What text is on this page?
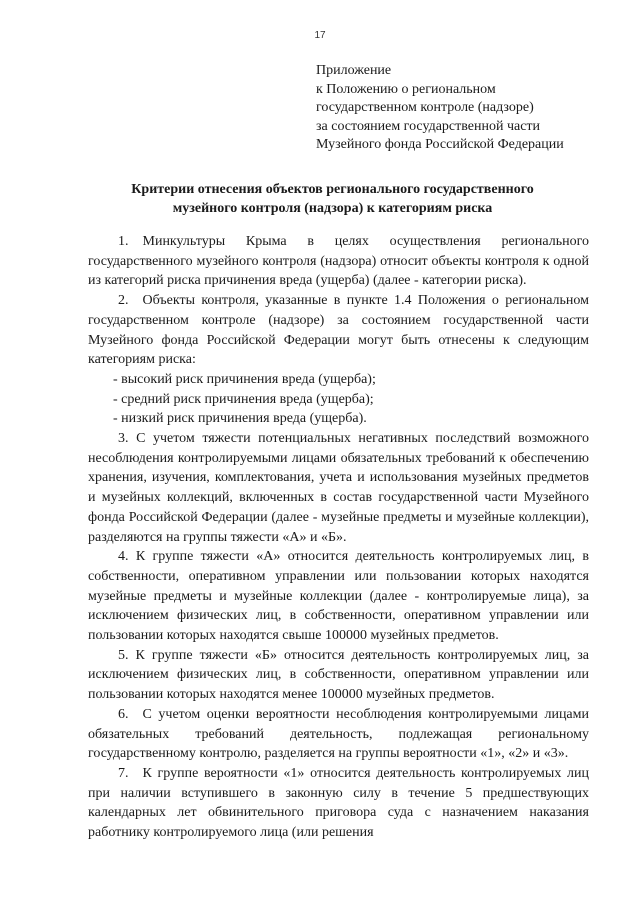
17
Приложение
к Положению о региональном
государственном контроле (надзоре)
за состоянием государственной части
Музейного фонда Российской Федерации
Критерии отнесения объектов регионального государственного
музейного контроля (надзора) к категориям риска

1. Минкультуры Крыма в целях осуществления регионального государственного музейного контроля (надзора) относит объекты контроля к одной из категорий риска причинения вреда (ущерба) (далее - категории риска).

2. Объекты контроля, указанные в пункте 1.4 Положения о региональном государственном контроле (надзоре) за состоянием государственной части Музейного фонда Российской Федерации могут быть отнесены к следующим категориям риска:

- высокий риск причинения вреда (ущерба);

- средний риск причинения вреда (ущерба);

- низкий риск причинения вреда (ущерба).

3. С учетом тяжести потенциальных негативных последствий возможного несоблюдения контролируемыми лицами обязательных требований к обеспечению хранения, изучения, комплектования, учета и использования музейных предметов и музейных коллекций, включенных в состав государственной части Музейного фонда Российской Федерации (далее - музейные предметы и музейные коллекции), разделяются на группы тяжести «А» и «Б».

4. К группе тяжести «А» относится деятельность контролируемых лиц, в собственности, оперативном управлении или пользовании которых находятся музейные предметы и музейные коллекции (далее - контролируемые лица), за исключением физических лиц, в собственности, оперативном управлении или пользовании которых находятся свыше 100000 музейных предметов.

5. К группе тяжести «Б» относится деятельность контролируемых лиц, за исключением физических лиц, в собственности, оперативном управлении или пользовании которых находятся менее 100000 музейных предметов.

6. С учетом оценки вероятности несоблюдения контролируемыми лицами обязательных требований деятельность, подлежащая региональному государственному контролю, разделяется на группы вероятности «1», «2» и «3».

7. К группе вероятности «1» относится деятельность контролируемых лиц при наличии вступившего в законную силу в течение 5 предшествующих календарных лет обвинительного приговора суда с назначением наказания работнику контролируемого лица (или решения
